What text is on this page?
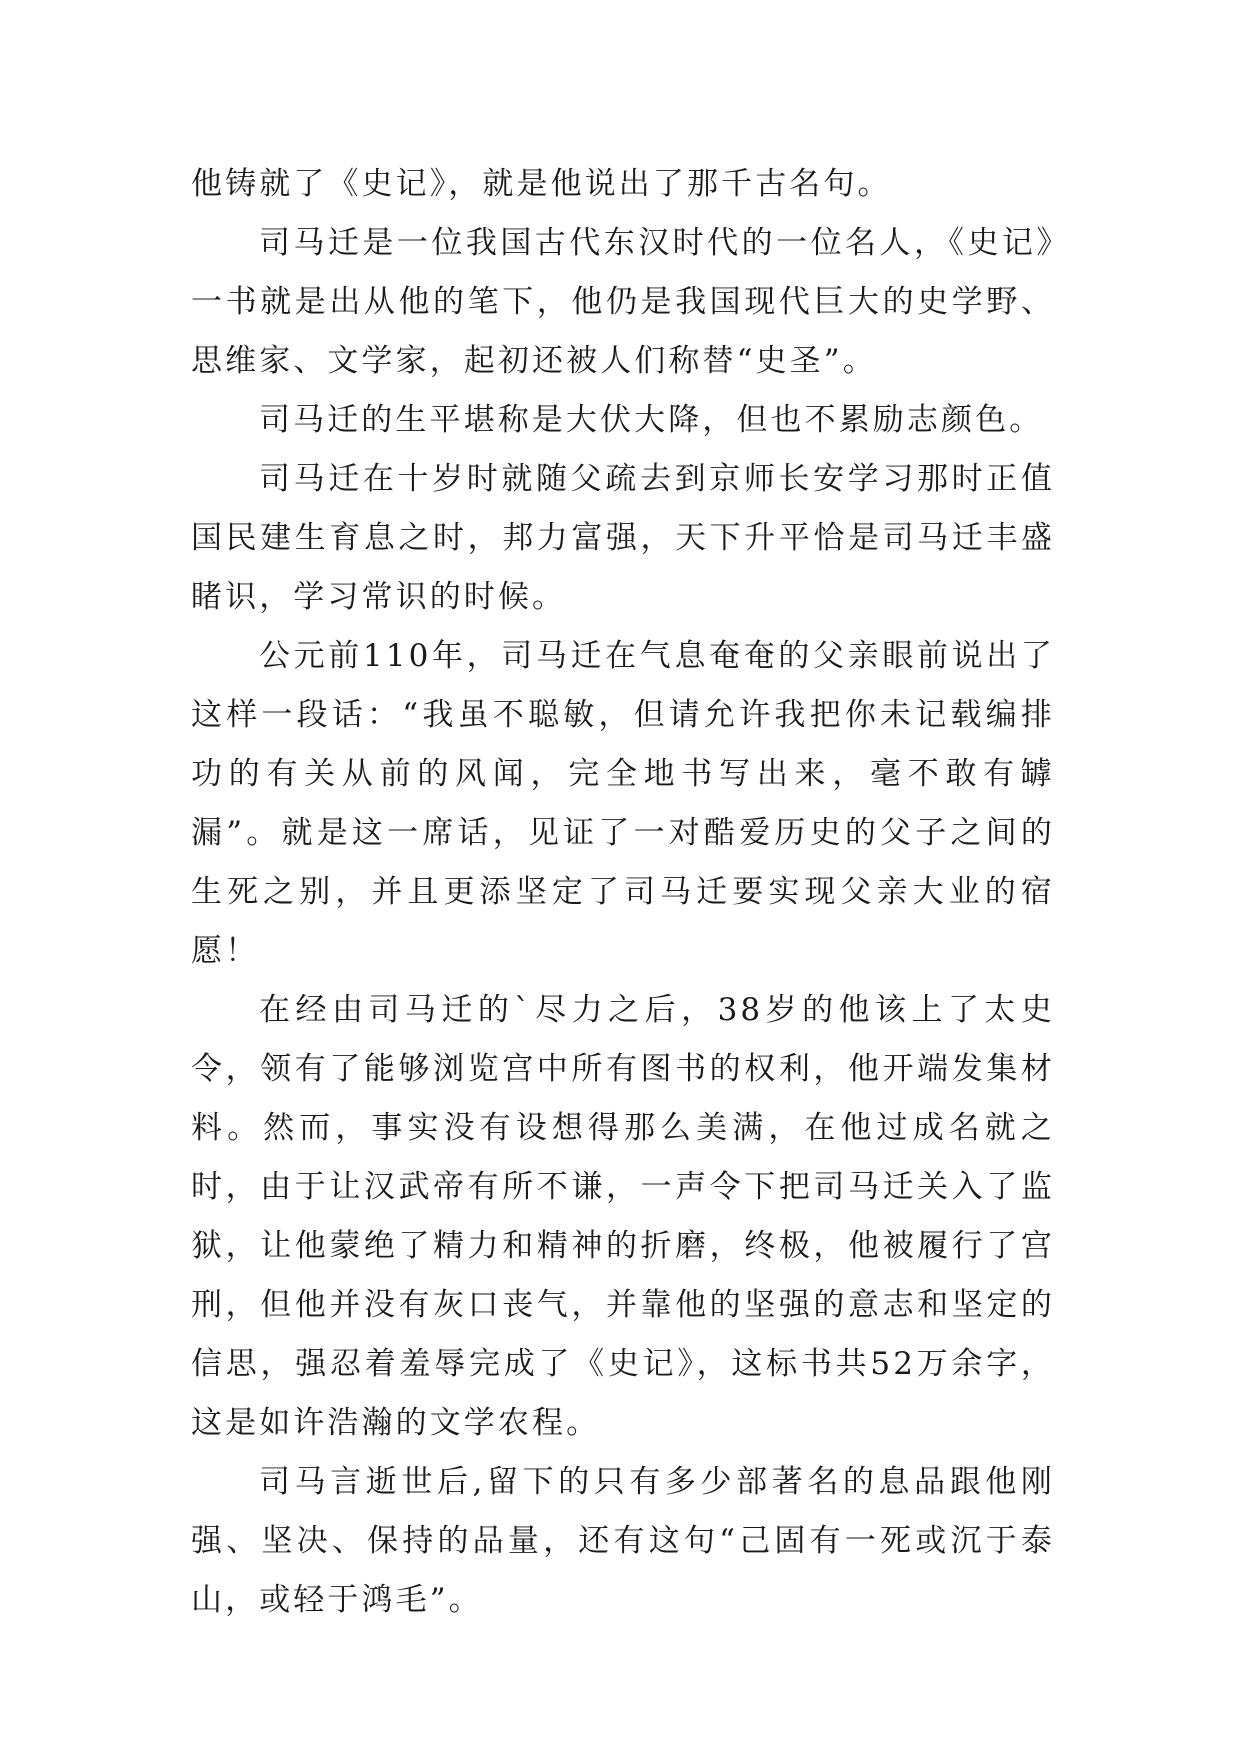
他铸就了《史记》，就是他说出了那千古名句。

司马迁是一位我国古代东汉时代的一位名人，《史记》一书就是出从他的笔下，他仍是我国现代巨大的史学野、思维家、文学家，起初还被人们称替“史圣”。

司马迁的生平堪称是大伏大降，但也不累励志颜色。

司马迁在十岁时就随父疏去到京师长安学习那时正值国民建生育息之时，邦力富强，天下升平恰是司马迁丰盛睹识，学习常识的时候。

公元前110年，司马迁在气息奄奄的父亲眼前说出了这样一段话：“我虽不聪敏，但请允许我把你未记载编排功的有关从前的风闻，完全地书写出来，毫不敢有罅漏”。就是这一席话，见证了一对酷爱历史的父子之间的生死之别，并且更添坚定了司马迁要实现父亲大业的宿愿！

在经由司马迁的`尽力之后，38岁的他该上了太史令，领有了能够浏览宫中所有图书的权利，他开端发集材料。然而，事实没有设想得那么美满，在他过成名就之时，由于让汉武帝有所不谦，一声令下把司马迁关入了监狱，让他蒙绝了精力和精神的折磨，终极，他被履行了宫刑，但他并没有灰口丧气，并靠他的坚强的意志和坚定的信思，强忍着羞辱完成了《史记》，这标书共52万余字，这是如许浩瀚的文学农程。

司马言逝世后,留下的只有多少部著名的息品跟他刚强、坚决、保持的品量，还有这句“己固有一死或沉于泰山，或轻于鸿毛”。
